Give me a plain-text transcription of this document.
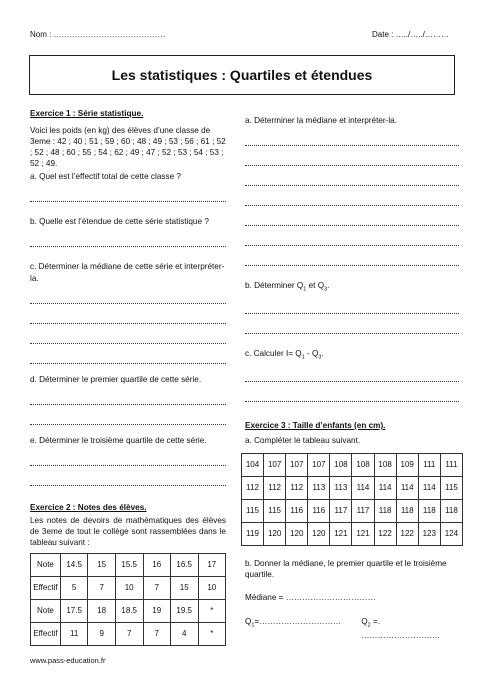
Nom : ……………………………………	Date : …../…../………
Les statistiques : Quartiles et étendues
Exercice 1 : Série statistique.
Voici les poids (en kg) des élèves d’une classe de 3eme : 42 ; 40 ; 51 ; 59 ; 60 ; 48 ; 49 ; 53 ; 56 ; 61 ; 52 ; 52 ; 48 ; 60 ; 55 ; 54 ; 62 ; 49 ; 47 ; 52 ; 53 ; 54 ; 53 ; 52 ; 49.
a. Quel est l’effectif total de cette classe ?
b. Quelle est l’étendue de cette série statistique ?
c. Déterminer la médiane de cette série et interpréter-la.
d. Déterminer le premier quartile de cette série.
e. Déterminer le troisième quartile de cette série.
Exercice 2 : Notes des élèves.
Les notes de devoirs de mathématiques des élèves de 3eme de tout le collège sont rassemblées dans le tableau suivant :
Note	14.5	15	15.5	16	16.5	17
Effectif	5	7	10	7	15	10
Note	17.5	18	18.5	19	19.5	*
Effectif	11	9	7	7	4	*
a. Déterminer la médiane et interpréter-la.
b. Déterminer $Q_1$ et $Q_3$.
c. Calculer $I= Q_1 - Q_3$.
Exercice 3 : Taille d’enfants (en cm).
a. Compléter le tableau suivant.
104	107	107	107	108	108	108	109	111	111
112	112	112	113	113	114	114	114	114	115
115	115	116	116	117	117	118	118	118	118
119	120	120	120	121	121	122	122	123	124
b. Donner la médiane, le premier quartile et le troisième quartile.
Médiane = ……………………………
$Q_1=\dots\dots\dots\dots\dots\dots\dots\dots\dots\dots$	$Q_2$ =. ………………………..
www.pass-education.fr
